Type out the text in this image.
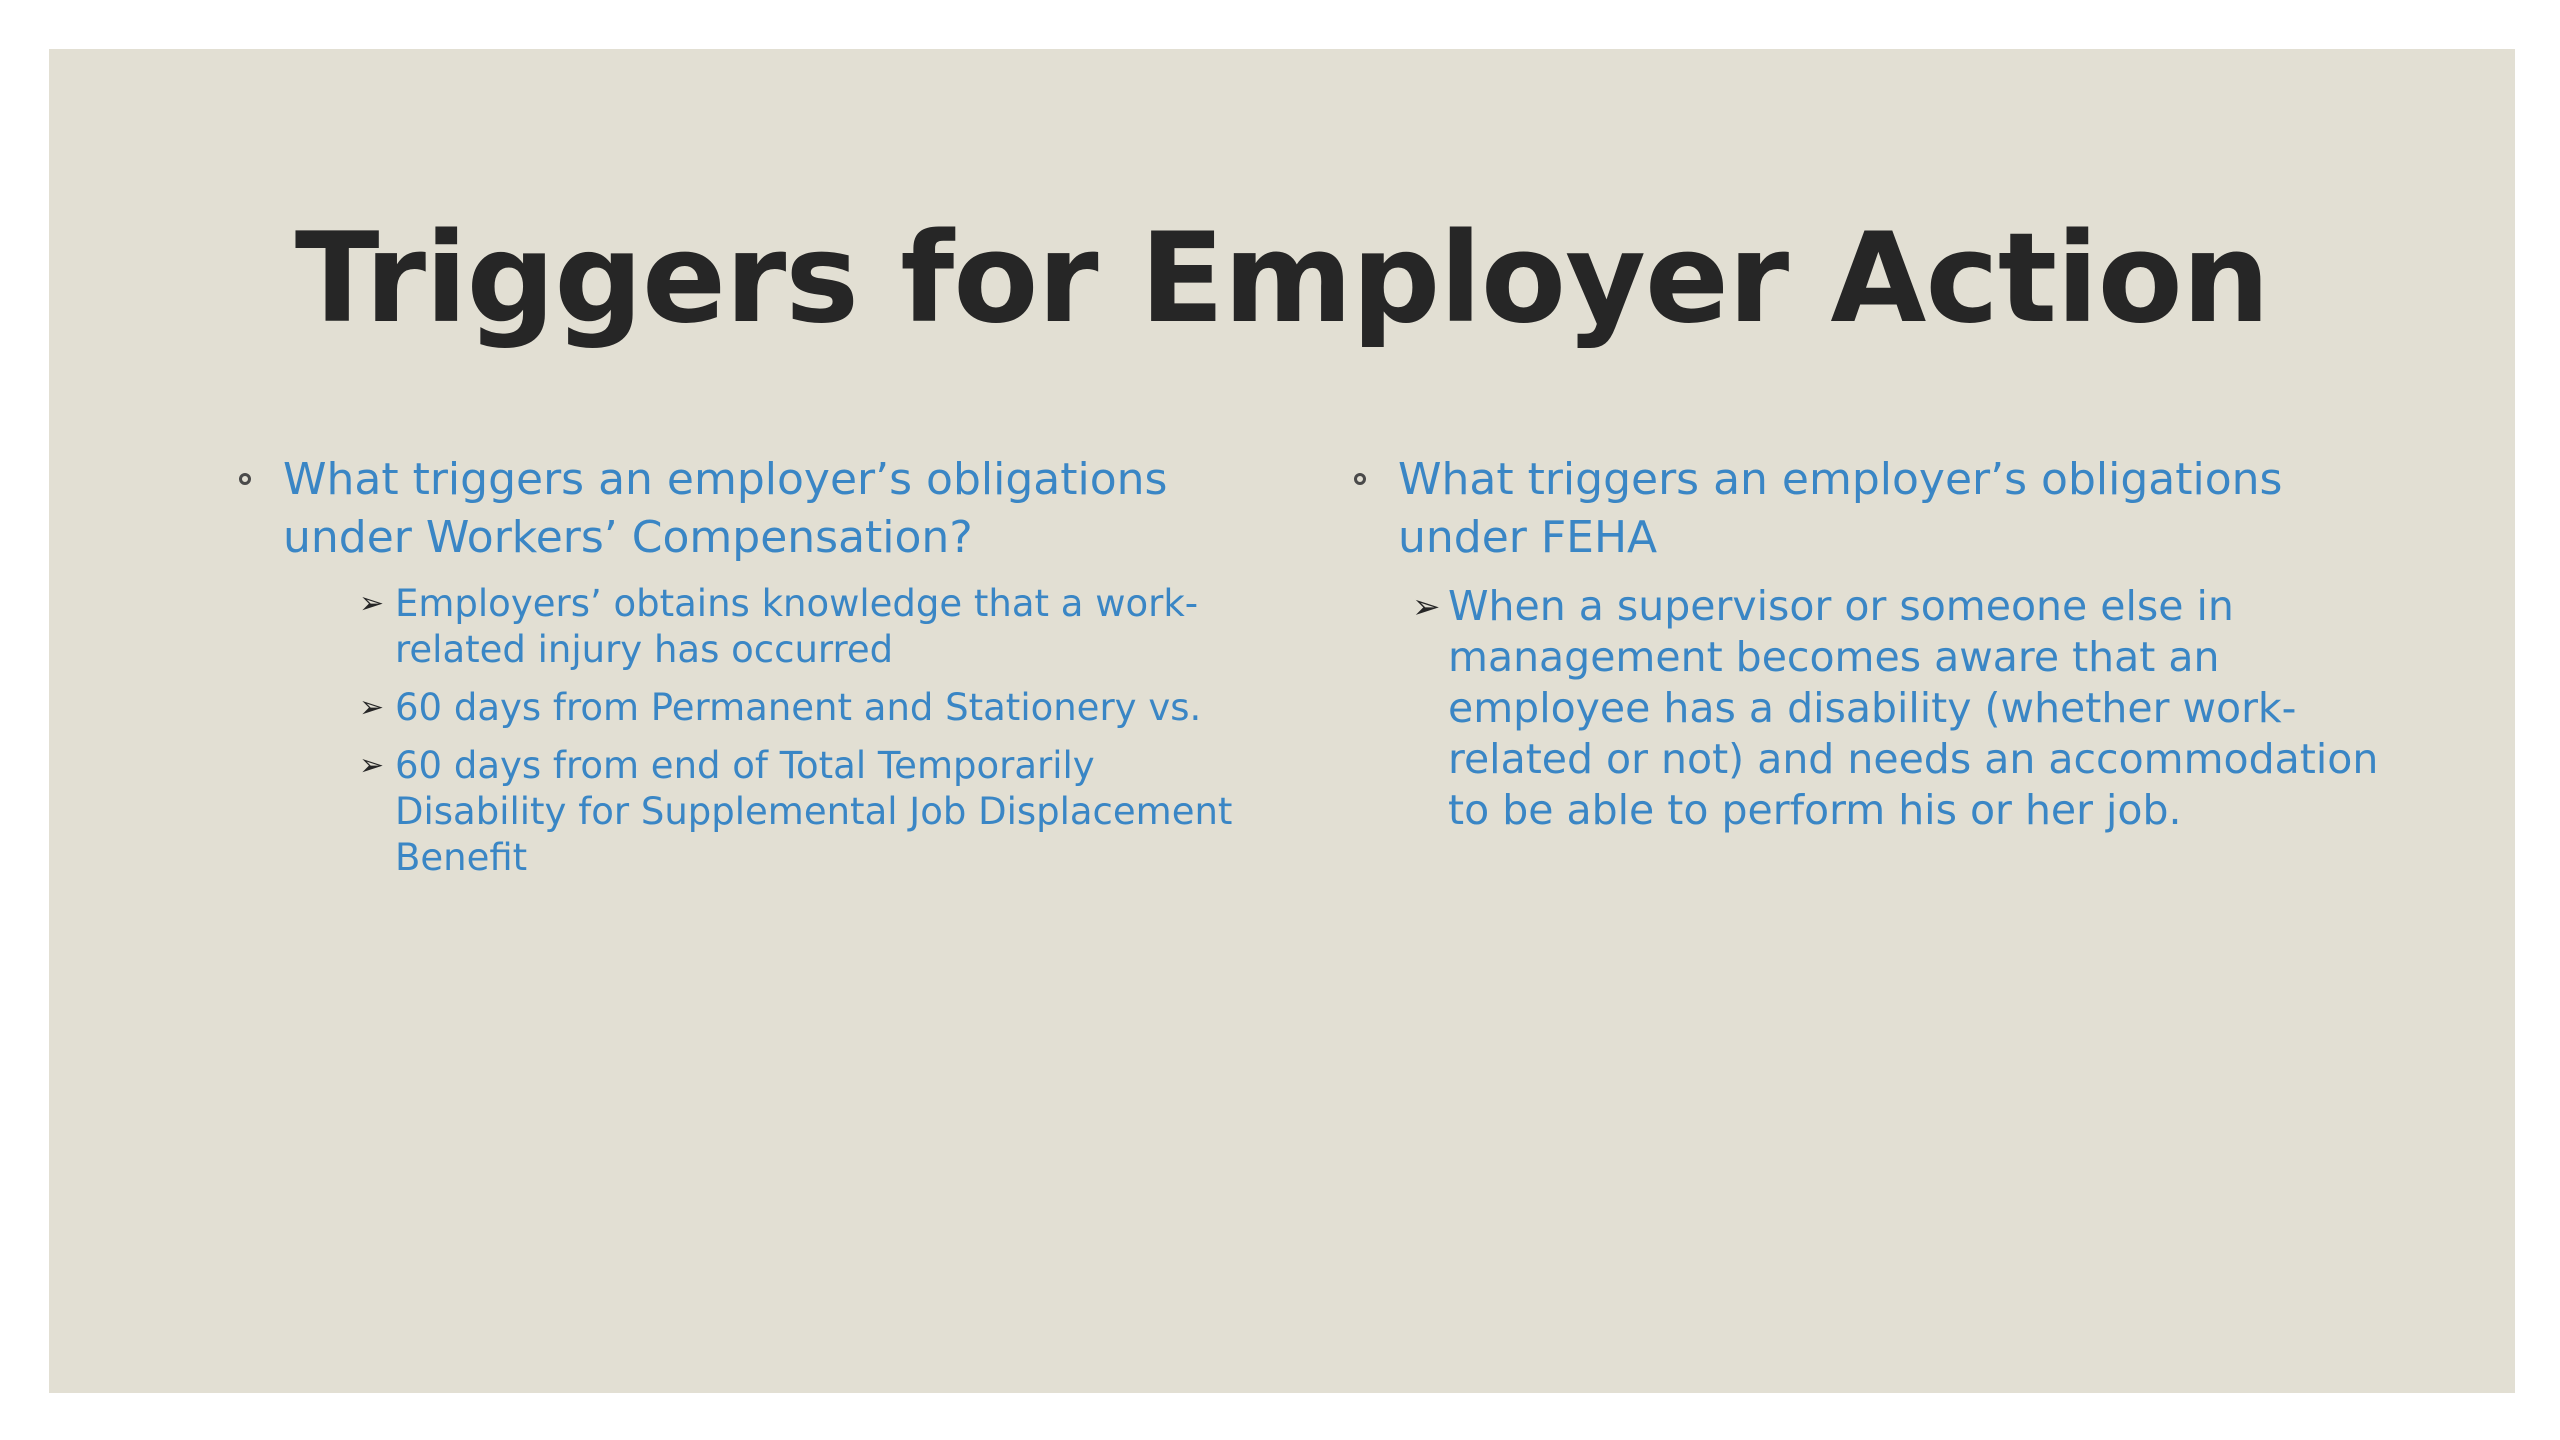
Triggers for Employer Action
What triggers an employer’s obligations under Workers’ Compensation?
➢ Employers’ obtains knowledge that a work-related injury has occurred
➢ 60 days from Permanent and Stationery vs.
➢ 60 days from end of Total Temporarily Disability for Supplemental Job Displacement Benefit
What triggers an employer’s obligations under FEHA
➢ When a supervisor or someone else in management becomes aware that an employee has a disability (whether work-related or not) and needs an accommodation to be able to perform his or her job.
